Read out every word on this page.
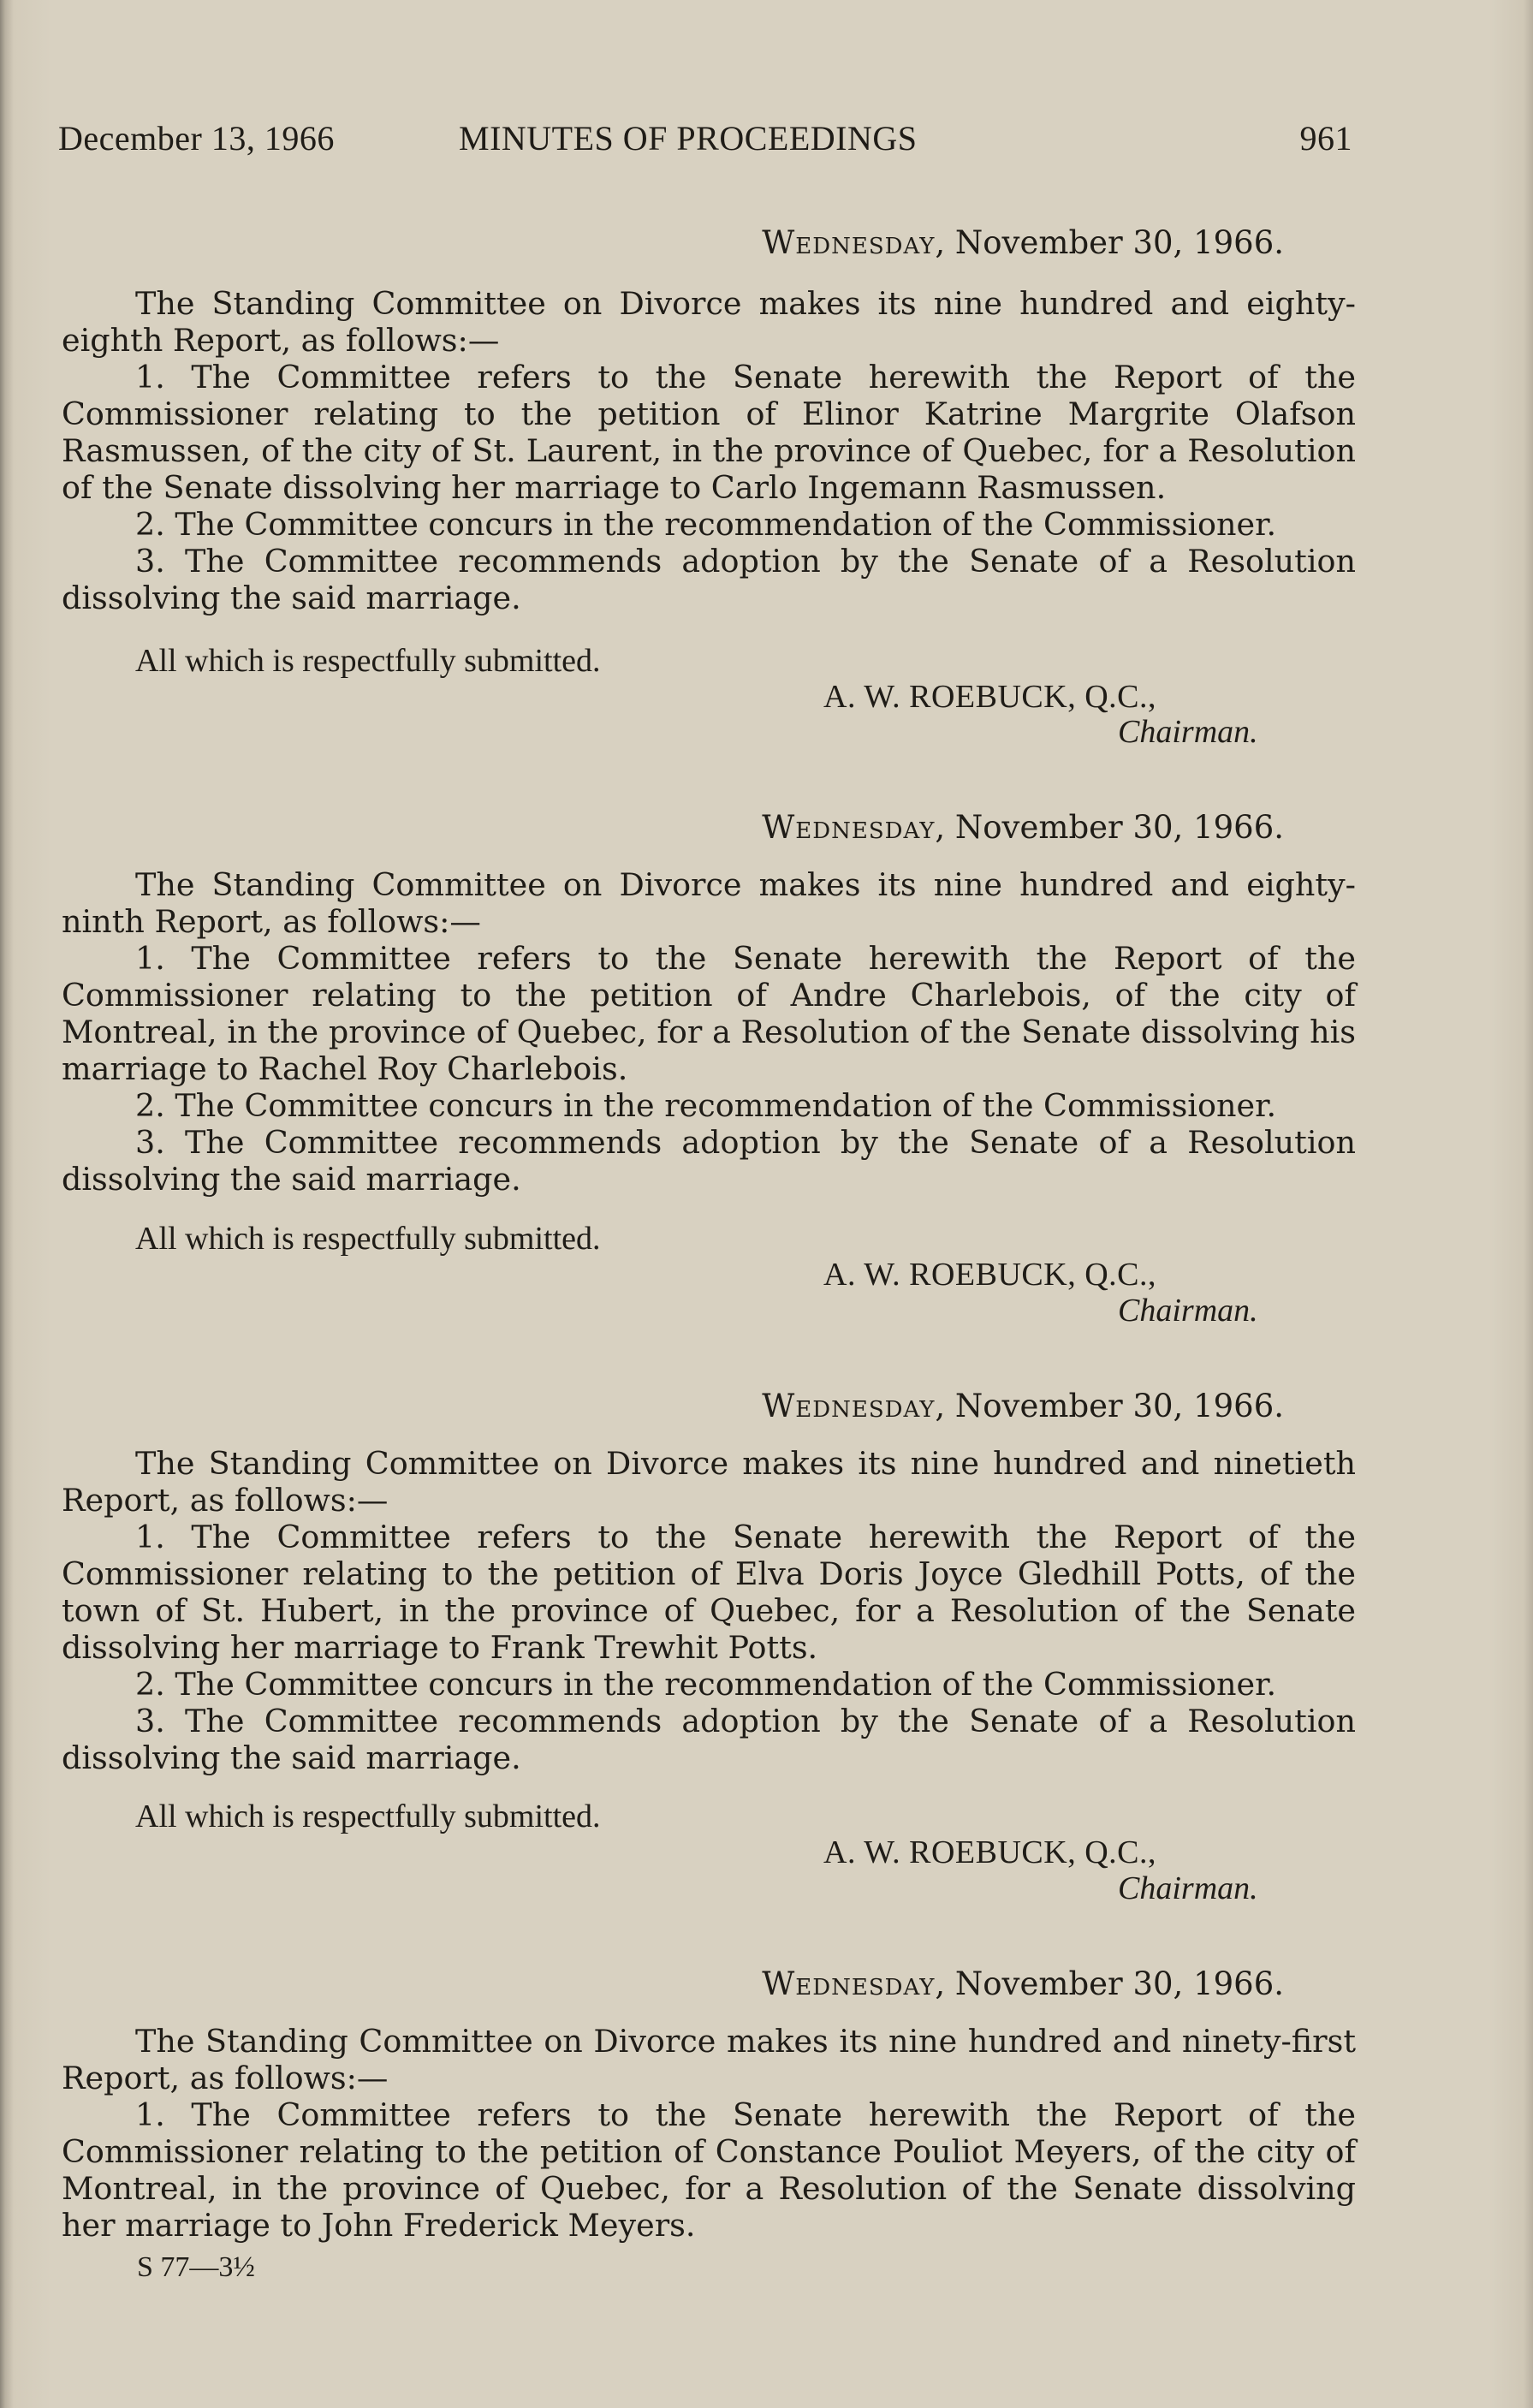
December 13, 1966	MINUTES OF PROCEEDINGS	961
Wednesday, November 30, 1966.

The Standing Committee on Divorce makes its nine hundred and eighty-eighth Report, as follows:—

1. The Committee refers to the Senate herewith the Report of the Commissioner relating to the petition of Elinor Katrine Margrite Olafson Rasmussen, of the city of St. Laurent, in the province of Quebec, for a Resolution of the Senate dissolving her marriage to Carlo Ingemann Rasmussen.

2. The Committee concurs in the recommendation of the Commissioner.

3. The Committee recommends adoption by the Senate of a Resolution dissolving the said marriage.

All which is respectfully submitted.
A. W. ROEBUCK, Q.C.,
Chairman.
Wednesday, November 30, 1966.

The Standing Committee on Divorce makes its nine hundred and eighty-ninth Report, as follows:—

1. The Committee refers to the Senate herewith the Report of the Commissioner relating to the petition of Andre Charlebois, of the city of Montreal, in the province of Quebec, for a Resolution of the Senate dissolving his marriage to Rachel Roy Charlebois.

2. The Committee concurs in the recommendation of the Commissioner.

3. The Committee recommends adoption by the Senate of a Resolution dissolving the said marriage.

All which is respectfully submitted.
A. W. ROEBUCK, Q.C.,
Chairman.
Wednesday, November 30, 1966.

The Standing Committee on Divorce makes its nine hundred and ninetieth Report, as follows:—

1. The Committee refers to the Senate herewith the Report of the Commissioner relating to the petition of Elva Doris Joyce Gledhill Potts, of the town of St. Hubert, in the province of Quebec, for a Resolution of the Senate dissolving her marriage to Frank Trewhit Potts.

2. The Committee concurs in the recommendation of the Commissioner.

3. The Committee recommends adoption by the Senate of a Resolution dissolving the said marriage.

All which is respectfully submitted.
A. W. ROEBUCK, Q.C.,
Chairman.
Wednesday, November 30, 1966.

The Standing Committee on Divorce makes its nine hundred and ninety-first Report, as follows:—

1. The Committee refers to the Senate herewith the Report of the Commissioner relating to the petition of Constance Pouliot Meyers, of the city of Montreal, in the province of Quebec, for a Resolution of the Senate dissolving her marriage to John Frederick Meyers.

S 77—3½
